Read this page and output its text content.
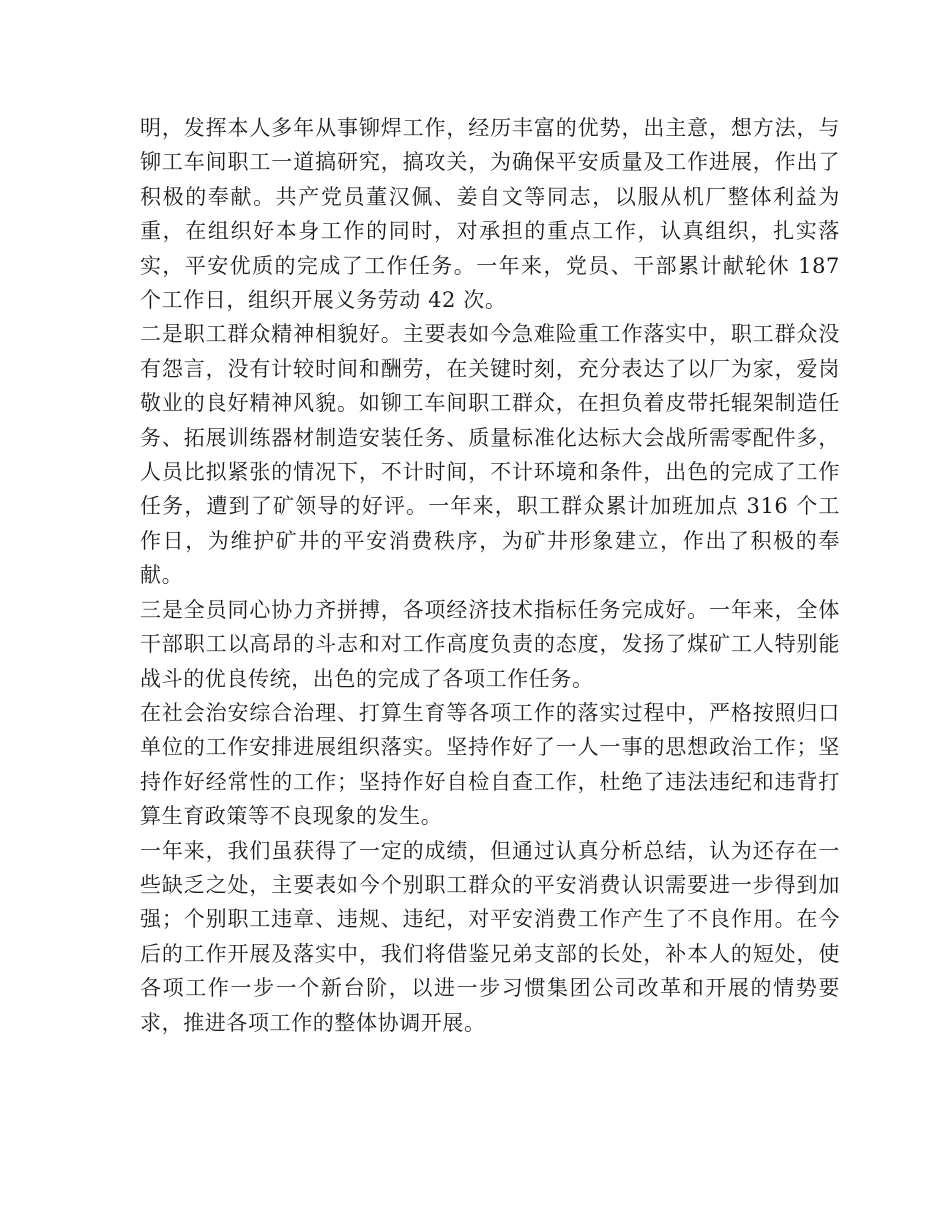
明，发挥本人多年从事铆焊工作，经历丰富的优势，出主意，想方法，与铆工车间职工一道搞研究，搞攻关，为确保平安质量及工作进展，作出了积极的奉献。共产党员董汉佩、姜自文等同志，以服从机厂整体利益为重，在组织好本身工作的同时，对承担的重点工作，认真组织，扎实落实，平安优质的完成了工作任务。一年来，党员、干部累计献轮休 187 个工作日，组织开展义务劳动 42 次。

二是职工群众精神相貌好。主要表如今急难险重工作落实中，职工群众没有怨言，没有计较时间和酬劳，在关键时刻，充分表达了以厂为家，爱岗敬业的良好精神风貌。如铆工车间职工群众，在担负着皮带托辊架制造任务、拓展训练器材制造安装任务、质量标准化达标大会战所需零配件多，人员比拟紧张的情况下，不计时间，不计环境和条件，出色的完成了工作任务，遭到了矿领导的好评。一年来，职工群众累计加班加点 316 个工作日，为维护矿井的平安消费秩序，为矿井形象建立，作出了积极的奉献。

三是全员同心协力齐拼搏，各项经济技术指标任务完成好。一年来，全体干部职工以高昂的斗志和对工作高度负责的态度，发扬了煤矿工人特别能战斗的优良传统，出色的完成了各项工作任务。

在社会治安综合治理、打算生育等各项工作的落实过程中，严格按照归口单位的工作安排进展组织落实。坚持作好了一人一事的思想政治工作；坚持作好经常性的工作；坚持作好自检自查工作，杜绝了违法违纪和违背打算生育政策等不良现象的发生。

一年来，我们虽获得了一定的成绩，但通过认真分析总结，认为还存在一些缺乏之处，主要表如今个别职工群众的平安消费认识需要进一步得到加强；个别职工违章、违规、违纪，对平安消费工作产生了不良作用。在今后的工作开展及落实中，我们将借鉴兄弟支部的长处，补本人的短处，使各项工作一步一个新台阶，以进一步习惯集团公司改革和开展的情势要求，推进各项工作的整体协调开展。
